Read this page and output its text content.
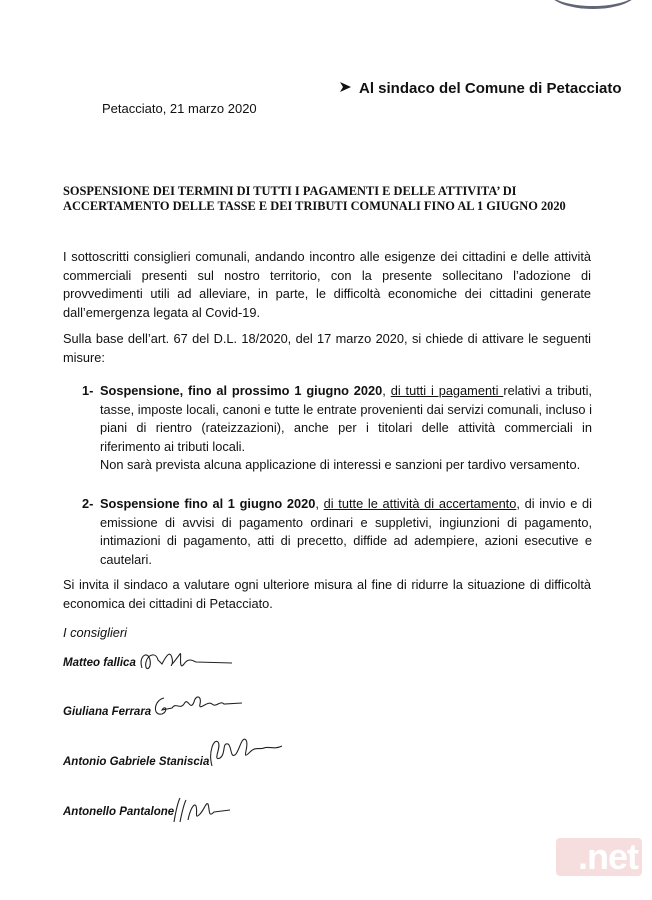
Al sindaco del Comune di Petacciato
Petacciato, 21 marzo 2020
SOSPENSIONE DEI TERMINI DI TUTTI I PAGAMENTI E DELLE ATTIVITA’ DI
ACCERTAMENTO DELLE TASSE E DEI TRIBUTI COMUNALI FINO AL 1 GIUGNO 2020
I sottoscritti consiglieri comunali, andando incontro alle esigenze dei cittadini e delle attività commerciali presenti sul nostro territorio, con la presente sollecitano l’adozione di provvedimenti utili ad alleviare, in parte, le difficoltà economiche dei cittadini generate dall’emergenza legata al Covid-19.
Sulla base dell’art. 67 del D.L. 18/2020, del 17 marzo 2020, si chiede di attivare le seguenti misure:
1- Sospensione, fino al prossimo 1 giugno 2020, di tutti i pagamenti relativi a tributi, tasse, imposte locali, canoni e tutte le entrate provenienti dai servizi comunali, incluso i piani di rientro (rateizzazioni), anche per i titolari delle attività commerciali in riferimento ai tributi locali.
Non sarà prevista alcuna applicazione di interessi e sanzioni per tardivo versamento.
2- Sospensione fino al 1 giugno 2020, di tutte le attività di accertamento, di invio e di emissione di avvisi di pagamento ordinari e suppletivi, ingiunzioni di pagamento, intimazioni di pagamento, atti di precetto, diffide ad adempiere, azioni esecutive e cautelari.
Si invita il sindaco a valutare ogni ulteriore misura al fine di ridurre la situazione di difficoltà economica dei cittadini di Petacciato.
I consiglieri
Matteo fallica
Giuliana Ferrara
Antonio Gabriele Staniscia
Antonello Pantalone
.net
